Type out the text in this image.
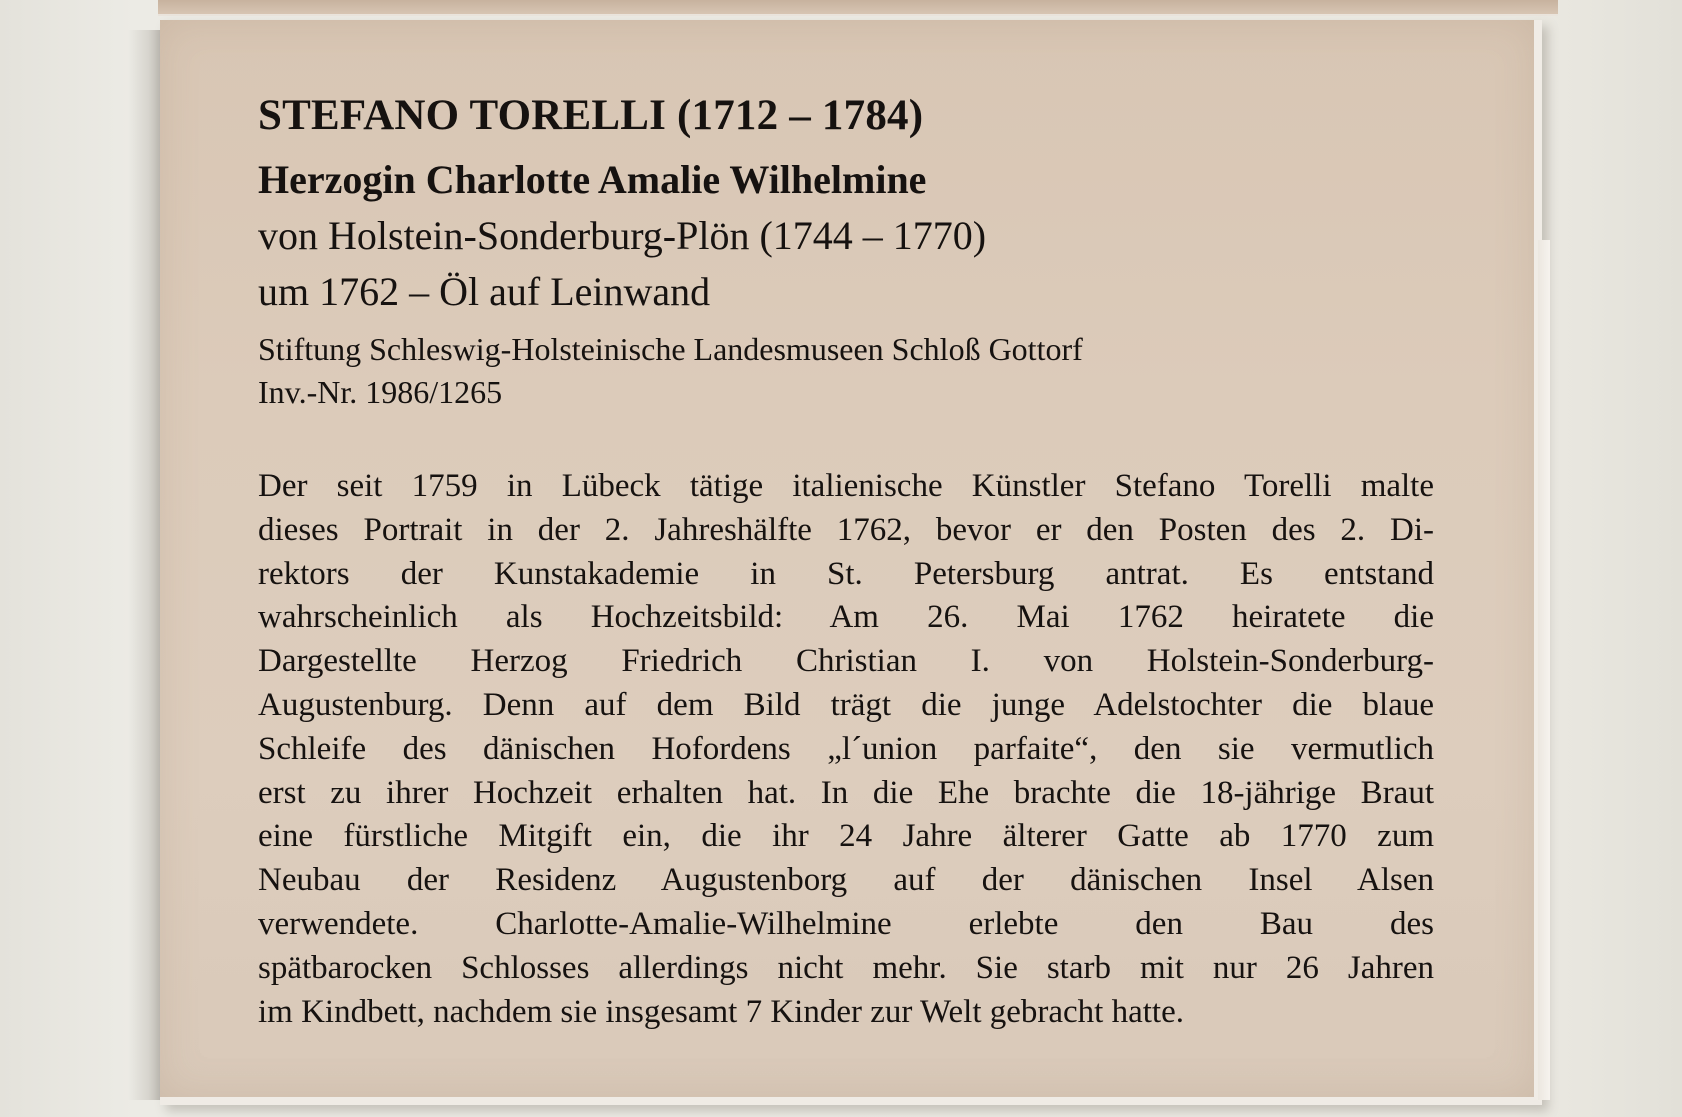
STEFANO TORELLI (1712 – 1784)

Herzogin Charlotte Amalie Wilhelmine

von Holstein-Sonderburg-Plön (1744 – 1770)

um 1762 – Öl auf Leinwand

Stiftung Schleswig-Holsteinische Landesmuseen Schloß Gottorf

Inv.-Nr. 1986/1265

Der seit 1759 in Lübeck tätige italienische Künstler Stefano Torelli malte
dieses Portrait in der 2. Jahreshälfte 1762, bevor er den Posten des 2. Di-
rektors der Kunstakademie in St. Petersburg antrat. Es entstand
wahrscheinlich als Hochzeitsbild: Am 26. Mai 1762 heiratete die
Dargestellte Herzog Friedrich Christian I. von Holstein-Sonderburg-
Augustenburg. Denn auf dem Bild trägt die junge Adelstochter die blaue
Schleife des dänischen Hofordens „l´union parfaite“, den sie vermutlich
erst zu ihrer Hochzeit erhalten hat. In die Ehe brachte die 18-jährige Braut
eine fürstliche Mitgift ein, die ihr 24 Jahre älterer Gatte ab 1770 zum
Neubau der Residenz Augustenborg auf der dänischen Insel Alsen
verwendete. Charlotte-Amalie-Wilhelmine erlebte den Bau des
spätbarocken Schlosses allerdings nicht mehr. Sie starb mit nur 26 Jahren
im Kindbett, nachdem sie insgesamt 7 Kinder zur Welt gebracht hatte.
